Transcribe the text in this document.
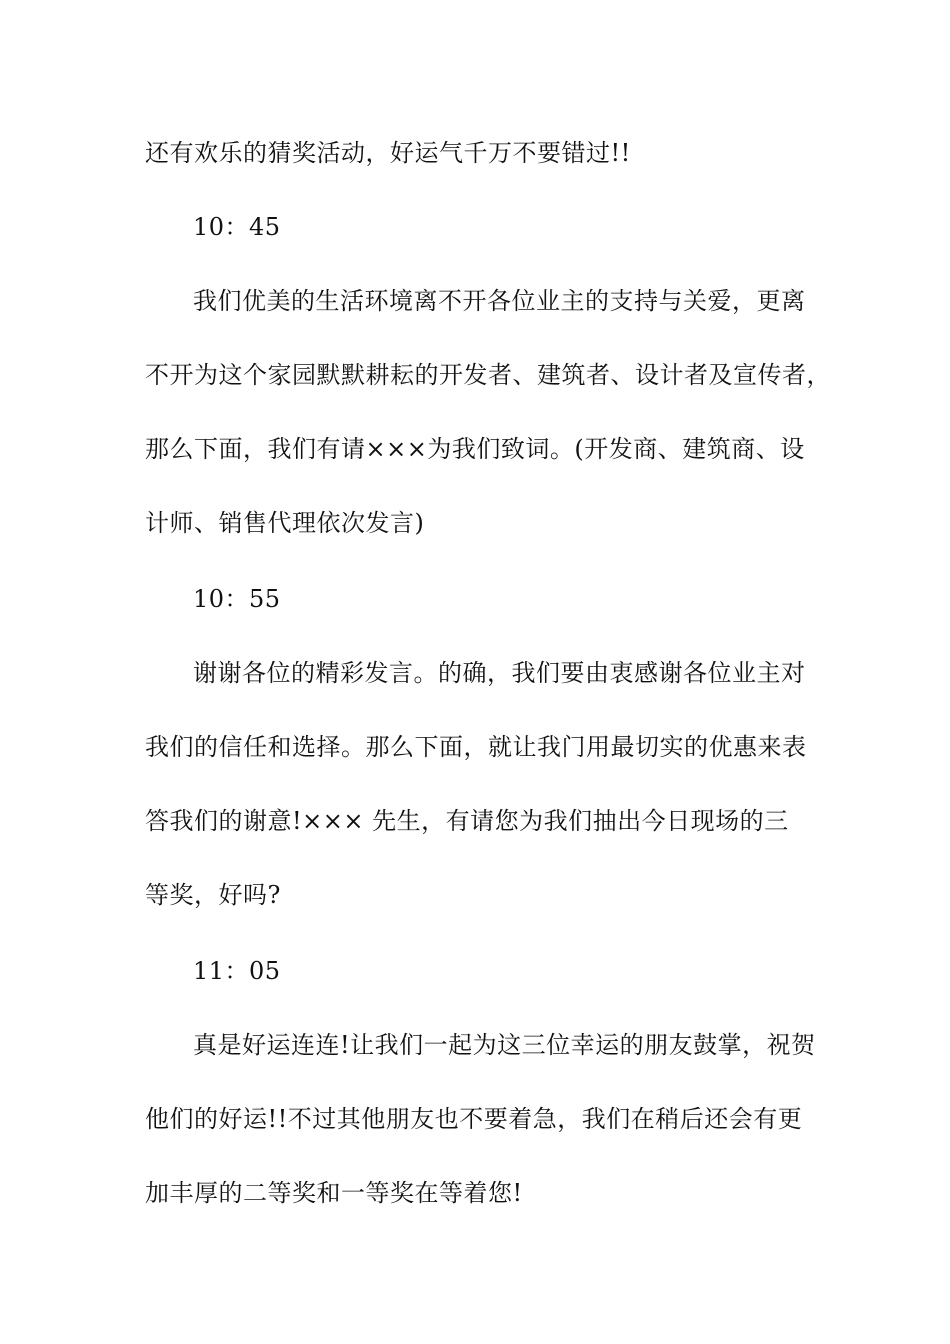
还有欢乐的猜奖活动，好运气千万不要错过!!
10：45
我们优美的生活环境离不开各位业主的支持与关爱，更离
不开为这个家园默默耕耘的开发者、建筑者、设计者及宣传者，
那么下面，我们有请×××为我们致词。(开发商、建筑商、设
计师、销售代理依次发言)
10：55
谢谢各位的精彩发言。的确，我们要由衷感谢各位业主对
我们的信任和选择。那么下面，就让我门用最切实的优惠来表
答我们的谢意!××× 先生，有请您为我们抽出今日现场的三
等奖，好吗?
11：05
真是好运连连!让我们一起为这三位幸运的朋友鼓掌，祝贺
他们的好运!!不过其他朋友也不要着急，我们在稍后还会有更
加丰厚的二等奖和一等奖在等着您!
